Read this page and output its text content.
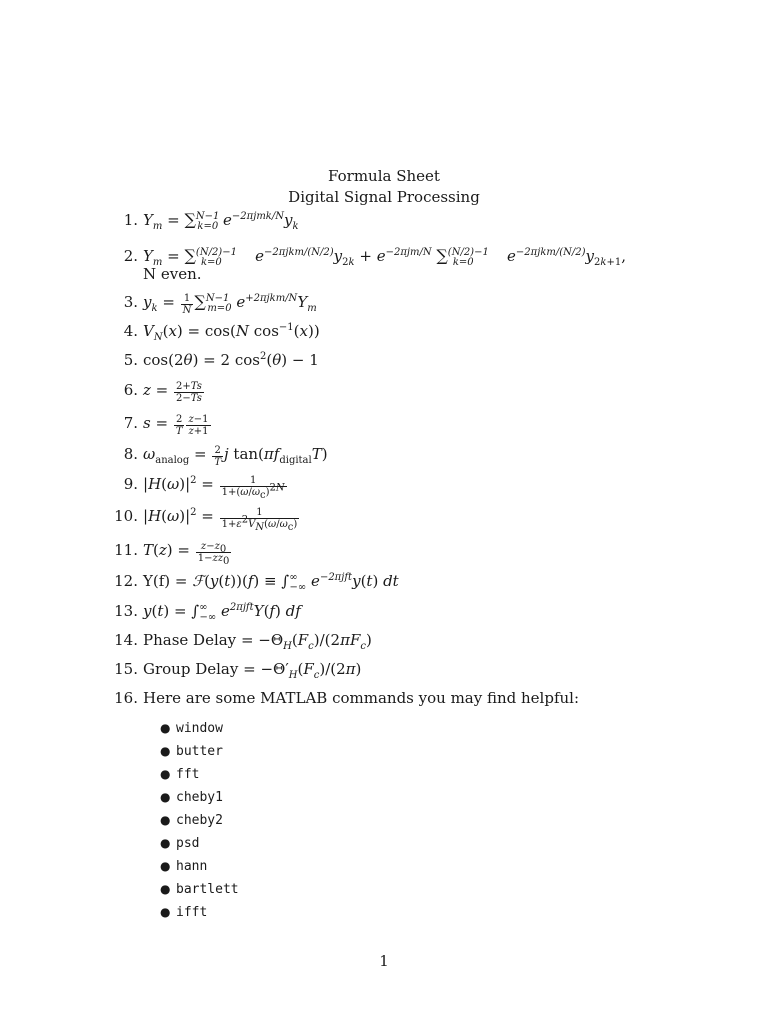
Formula Sheet
Digital Signal Processing
1. $Y_m = \sum^{N-1}_{k=0}$ $e^{-2\pi jmk/N}y_k$
2. $Y_m = \sum^{(N/2)-1}_{k=0}$ $e^{-2\pi jkm/(N/2)}y_{2k} + e^{-2\pi jm/N}$ ∑$^{(N/2)-1}_{k=0}$ $e^{-2\pi jkm/(N/2)}y_{2k+1}$,
N even.
3. $y_k = \frac{1}{N} \sum^{N-1}_{m=0}$ $e^{+2\pi jkm/N}Y_m$
4. $V_N(x) = \cos(N$ $\cos^{-1}(x)$)
5. cos(2θ) = 2 $\cos^2(\theta) - 1$
6. $z = \frac{2+Ts}{2-Ts}$
7. $s = \frac{2}{T} \frac{z-1}{z+1}$
8. $\omega_{analog} = \frac{2}{T}$ j $\tan(\pi f_{digital}T)$
9. $|H(\omega)|^2 = \frac{1}{1+(\omega/\omega_c)^{2N}}$
10. $|H(\omega)|^2 = \frac{1}{1+\varepsilon^2V_N(\omega/\omega_c)}$
11. $T(z) = \frac{z-z_0}{1-zz_0}$
12. Y(f) = ℱ(y(t))(f) ≡ $\int^\infty_{-\infty}$ $e^{-2\pi jft}y(t)$ dt
13. $y(t) = \int^\infty_{-\infty}$ $e^{2\pi jft}Y(f)$ df
14. Phase Delay = $-\Theta_H(F_c)/(2\pi F_c)$
15. Group Delay = $-\Theta'_H(F_c)/(2\pi)$
16. Here are some MATLAB commands you may find helpful:
● window
● butter
● fft
● cheby1
● cheby2
● psd
● hann
● bartlett
● ifft
1
